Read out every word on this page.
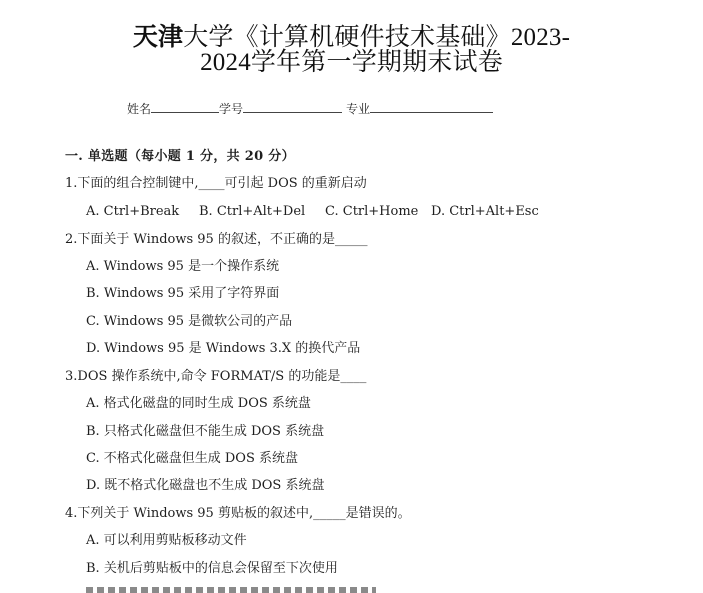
天津大学《计算机硬件技术基础》2023-
2024学年第一学期期末试卷
姓名	学号	专业
一. 单选题（每小题 1 分，共 20 分）
1.下面的组合控制键中,____可引起 DOS 的重新启动
A. Ctrl+Break B. Ctrl+Alt+Del C. Ctrl+Home D. Ctrl+Alt+Esc
2.下面关于 Windows 95 的叙述，不正确的是_____
A. Windows 95 是一个操作系统
B. Windows 95 采用了字符界面
C. Windows 95 是微软公司的产品
D. Windows 95 是 Windows 3.X 的换代产品
3.DOS 操作系统中,命令 FORMAT/S 的功能是____
A. 格式化磁盘的同时生成 DOS 系统盘
B. 只格式化磁盘但不能生成 DOS 系统盘
C. 不格式化磁盘但生成 DOS 系统盘
D. 既不格式化磁盘也不生成 DOS 系统盘
4.下列关于 Windows 95 剪贴板的叙述中,_____是错误的。
A. 可以利用剪贴板移动文件
B. 关机后剪贴板中的信息会保留至下次使用
